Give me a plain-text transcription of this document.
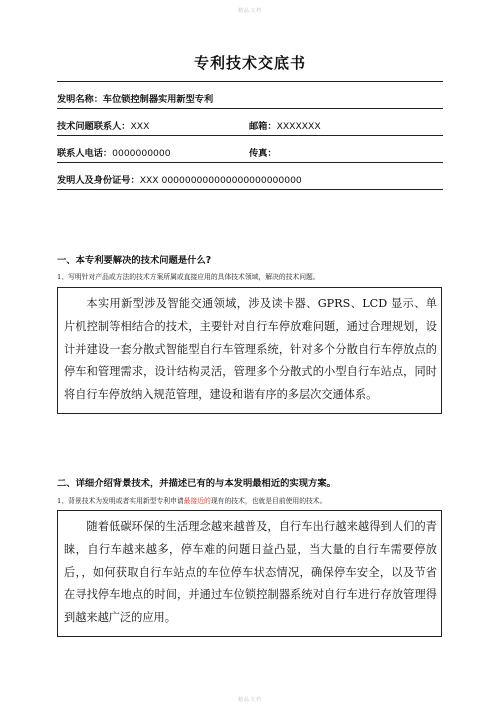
精品文档
专利技术交底书
发明名称：车位锁控制器实用新型专利
技术问题联系人：XXX	邮箱：XXXXXXX
联系人电话：0000000000	传真：
发明人及身份证号：XXX 000000000000000000000000
一、本专利要解决的技术问题是什么?
1、写明针对产品或方法的技术方案所属或直接应用的具体技术领域，解决的技术问题。

本实用新型涉及智能交通领域，涉及读卡器、GPRS、LCD 显示、单片机控制等相结合的技术，主要针对自行车停放难问题，通过合理规划，设计并建设一套分散式智能型自行车管理系统，针对多个分散自行车停放点的停车和管理需求，设计结构灵活，管理多个分散式的小型自行车站点，同时将自行车停放纳入规范管理，建设和谐有序的多层次交通体系。

二、详细介绍背景技术，并描述已有的与本发明最相近的实现方案。
1、背景技术为发明或者实用新型专利申请最接近的现有的技术，也就是目前使用的技术。

随着低碳环保的生活理念越来越普及，自行车出行越来越得到人们的青睐，自行车越来越多，停车难的问题日益凸显，当大量的自行车需要停放后，，如何获取自行车站点的车位停车状态情况，确保停车安全，以及节省在寻找停车地点的时间，并通过车位锁控制器系统对自行车进行存放管理得到越来越广泛的应用。

精品文档
